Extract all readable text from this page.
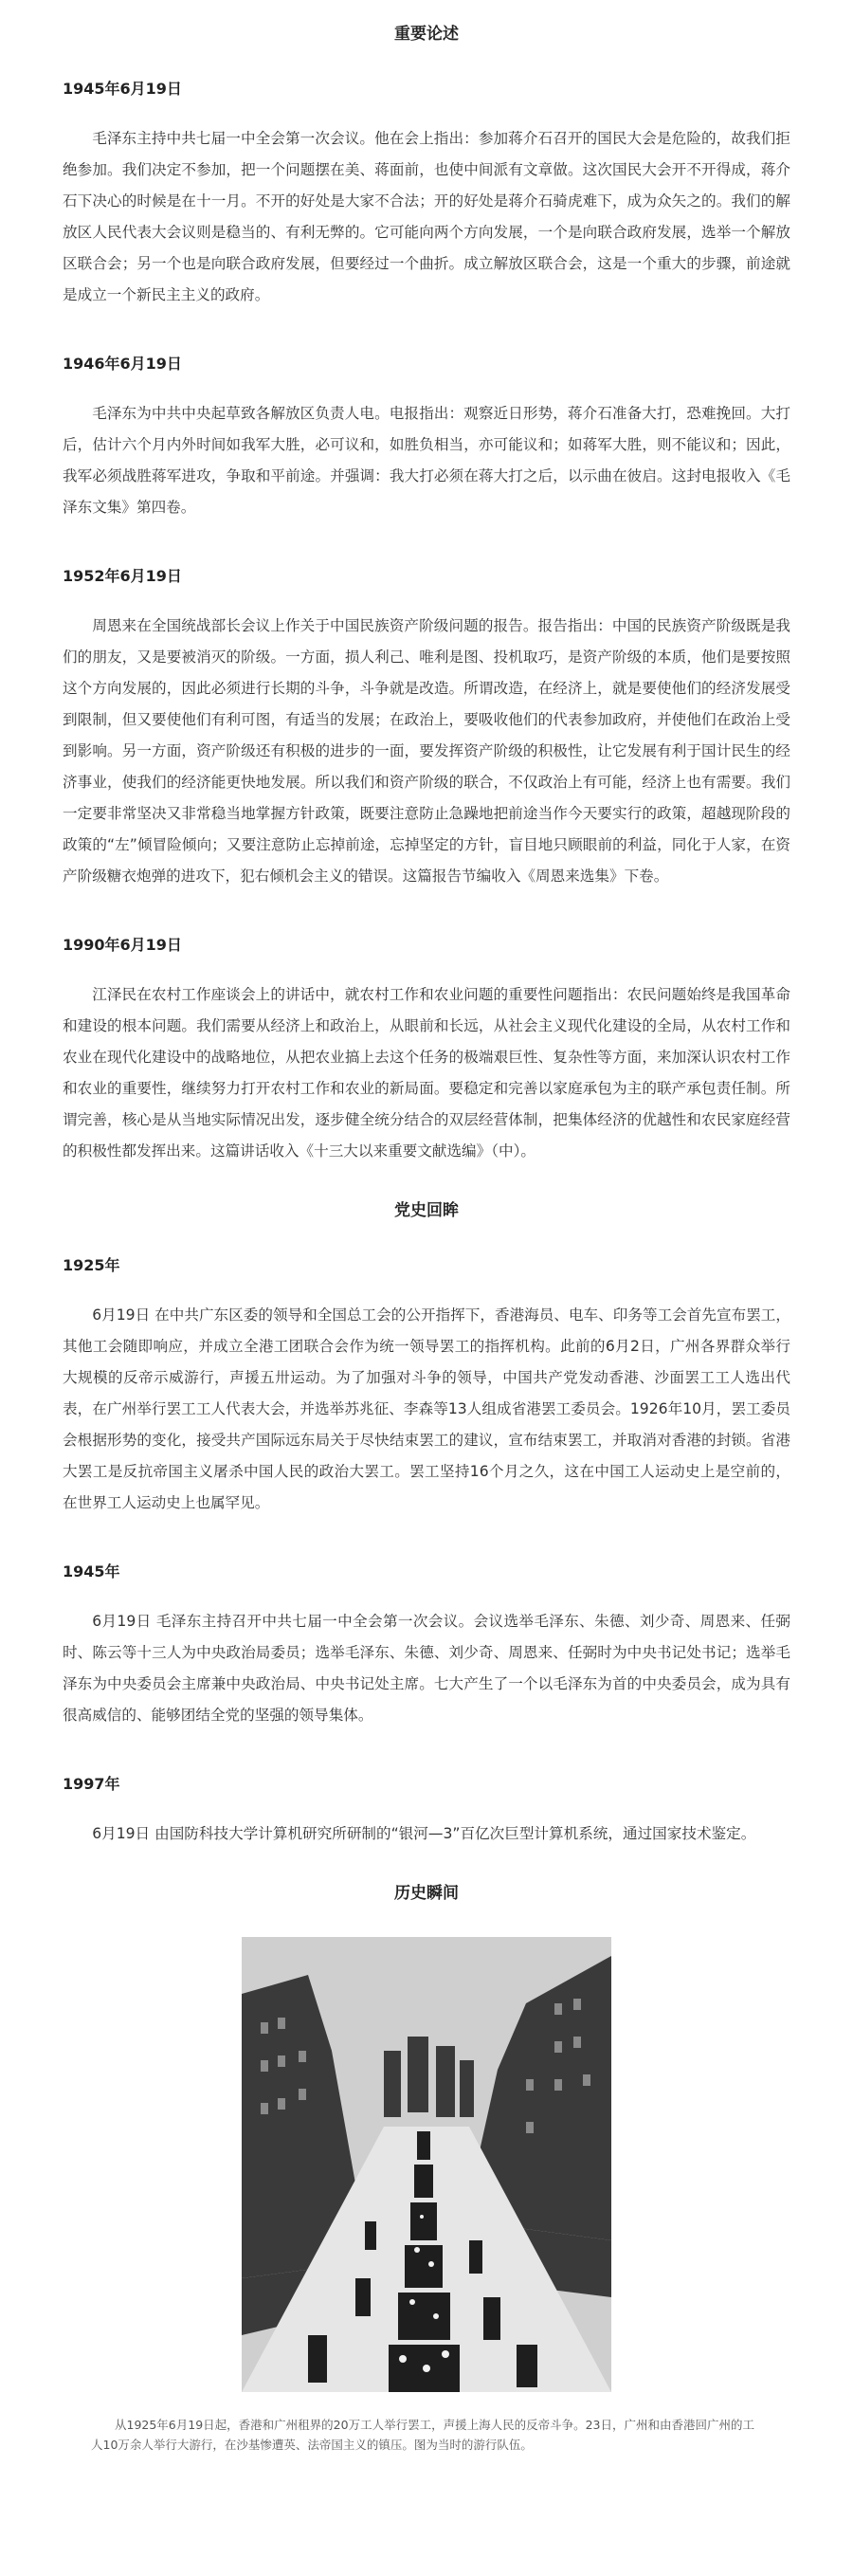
重要论述
1945年6月19日

毛泽东主持中共七届一中全会第一次会议。他在会上指出：参加蒋介石召开的国民大会是危险的，故我们拒绝参加。我们决定不参加，把一个问题摆在美、蒋面前，也使中间派有文章做。这次国民大会开不开得成，蒋介石下决心的时候是在十一月。不开的好处是大家不合法；开的好处是蒋介石骑虎难下，成为众矢之的。我们的解放区人民代表大会议则是稳当的、有利无弊的。它可能向两个方向发展，一个是向联合政府发展，选举一个解放区联合会；另一个也是向联合政府发展，但要经过一个曲折。成立解放区联合会，这是一个重大的步骤，前途就是成立一个新民主主义的政府。

1946年6月19日

毛泽东为中共中央起草致各解放区负责人电。电报指出：观察近日形势，蒋介石准备大打，恐难挽回。大打后，估计六个月内外时间如我军大胜，必可议和，如胜负相当，亦可能议和；如蒋军大胜，则不能议和；因此，我军必须战胜蒋军进攻，争取和平前途。并强调：我大打必须在蒋大打之后，以示曲在彼启。这封电报收入《毛泽东文集》第四卷。

1952年6月19日

周恩来在全国统战部长会议上作关于中国民族资产阶级问题的报告。报告指出：中国的民族资产阶级既是我们的朋友，又是要被消灭的阶级。一方面，损人利己、唯利是图、投机取巧，是资产阶级的本质，他们是要按照这个方向发展的，因此必须进行长期的斗争，斗争就是改造。所谓改造，在经济上，就是要使他们的经济发展受到限制，但又要使他们有利可图，有适当的发展；在政治上，要吸收他们的代表参加政府，并使他们在政治上受到影响。另一方面，资产阶级还有积极的进步的一面，要发挥资产阶级的积极性，让它发展有利于国计民生的经济事业，使我们的经济能更快地发展。所以我们和资产阶级的联合，不仅政治上有可能，经济上也有需要。我们一定要非常坚决又非常稳当地掌握方针政策，既要注意防止急躁地把前途当作今天要实行的政策，超越现阶段的政策的“左”倾冒险倾向；又要注意防止忘掉前途，忘掉坚定的方针，盲目地只顾眼前的利益，同化于人家，在资产阶级糖衣炮弹的进攻下，犯右倾机会主义的错误。这篇报告节编收入《周恩来选集》下卷。

1990年6月19日

江泽民在农村工作座谈会上的讲话中，就农村工作和农业问题的重要性问题指出：农民问题始终是我国革命和建设的根本问题。我们需要从经济上和政治上，从眼前和长远，从社会主义现代化建设的全局，从农村工作和农业在现代化建设中的战略地位，从把农业搞上去这个任务的极端艰巨性、复杂性等方面，来加深认识农村工作和农业的重要性，继续努力打开农村工作和农业的新局面。要稳定和完善以家庭承包为主的联产承包责任制。所谓完善，核心是从当地实际情况出发，逐步健全统分结合的双层经营体制，把集体经济的优越性和农民家庭经营的积极性都发挥出来。这篇讲话收入《十三大以来重要文献选编》（中）。

党史回眸
1925年

6月19日 在中共广东区委的领导和全国总工会的公开指挥下，香港海员、电车、印务等工会首先宣布罢工，其他工会随即响应，并成立全港工团联合会作为统一领导罢工的指挥机构。此前的6月2日，广州各界群众举行大规模的反帝示威游行，声援五卅运动。为了加强对斗争的领导，中国共产党发动香港、沙面罢工工人选出代表，在广州举行罢工工人代表大会，并选举苏兆征、李森等13人组成省港罢工委员会。1926年10月，罢工委员会根据形势的变化，接受共产国际远东局关于尽快结束罢工的建议，宣布结束罢工，并取消对香港的封锁。省港大罢工是反抗帝国主义屠杀中国人民的政治大罢工。罢工坚持16个月之久，这在中国工人运动史上是空前的，在世界工人运动史上也属罕见。

1945年

6月19日 毛泽东主持召开中共七届一中全会第一次会议。会议选举毛泽东、朱德、刘少奇、周恩来、任弼时、陈云等十三人为中央政治局委员；选举毛泽东、朱德、刘少奇、周恩来、任弼时为中央书记处书记；选举毛泽东为中央委员会主席兼中央政治局、中央书记处主席。七大产生了一个以毛泽东为首的中央委员会，成为具有很高威信的、能够团结全党的坚强的领导集体。

1997年

6月19日 由国防科技大学计算机研究所研制的“银河—3”百亿次巨型计算机系统，通过国家技术鉴定。

历史瞬间

从1925年6月19日起，香港和广州租界的20万工人举行罢工，声援上海人民的反帝斗争。23日，广州和由香港回广州的工人10万余人举行大游行，在沙基惨遭英、法帝国主义的镇压。图为当时的游行队伍。
